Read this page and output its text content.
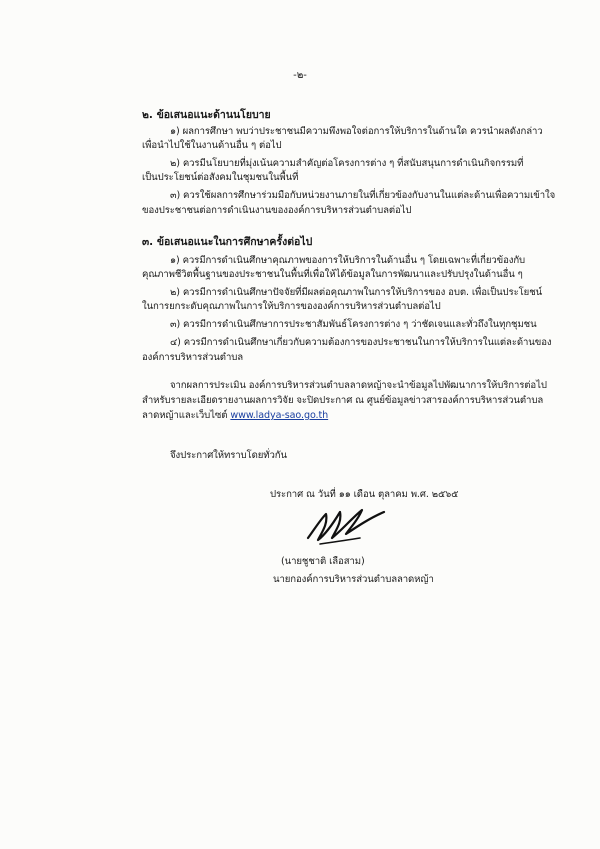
-๒-
๒. ข้อเสนอแนะด้านนโยบาย
๑) ผลการศึกษา พบว่าประชาชนมีความพึงพอใจต่อการให้บริการในด้านใด ควรนำผลดังกล่าว
เพื่อนำไปใช้ในงานด้านอื่น ๆ ต่อไป
๒) ควรมีนโยบายที่มุ่งเน้นความสำคัญต่อโครงการต่าง ๆ ที่สนับสนุนการดำเนินกิจกรรมที่
เป็นประโยชน์ต่อสังคมในชุมชนในพื้นที่
๓) ควรใช้ผลการศึกษาร่วมมือกับหน่วยงานภายในที่เกี่ยวข้องกับงานในแต่ละด้านเพื่อความเข้าใจ
ของประชาชนต่อการดำเนินงานขององค์การบริหารส่วนตำบลต่อไป
๓. ข้อเสนอแนะในการศึกษาครั้งต่อไป
๑) ควรมีการดำเนินศึกษาคุณภาพของการให้บริการในด้านอื่น ๆ โดยเฉพาะที่เกี่ยวข้องกับ
คุณภาพชีวิตพื้นฐานของประชาชนในพื้นที่เพื่อให้ได้ข้อมูลในการพัฒนาและปรับปรุงในด้านอื่น ๆ
๒) ควรมีการดำเนินศึกษาปัจจัยที่มีผลต่อคุณภาพในการให้บริการของ อบต. เพื่อเป็นประโยชน์
ในการยกระดับคุณภาพในการให้บริการขององค์การบริหารส่วนตำบลต่อไป
๓) ควรมีการดำเนินศึกษาการประชาสัมพันธ์โครงการต่าง ๆ ว่าชัดเจนและทั่วถึงในทุกชุมชน
๔) ควรมีการดำเนินศึกษาเกี่ยวกับความต้องการของประชาชนในการให้บริการในแต่ละด้านของ
องค์การบริหารส่วนตำบล
จากผลการประเมิน องค์การบริหารส่วนตำบลลาดหญ้าจะนำข้อมูลไปพัฒนาการให้บริการต่อไป
สำหรับรายละเอียดรายงานผลการวิจัย จะปิดประกาศ ณ ศูนย์ข้อมูลข่าวสารองค์การบริหารส่วนตำบล
ลาดหญ้าและเว็บไซต์ www.ladya-sao.go.th
จึงประกาศให้ทราบโดยทั่วกัน
ประกาศ ณ วันที่ ๑๑ เดือน ตุลาคม พ.ศ. ๒๕๖๕
(นายชูชาติ เลือสาม)
นายกองค์การบริหารส่วนตำบลลาดหญ้า
